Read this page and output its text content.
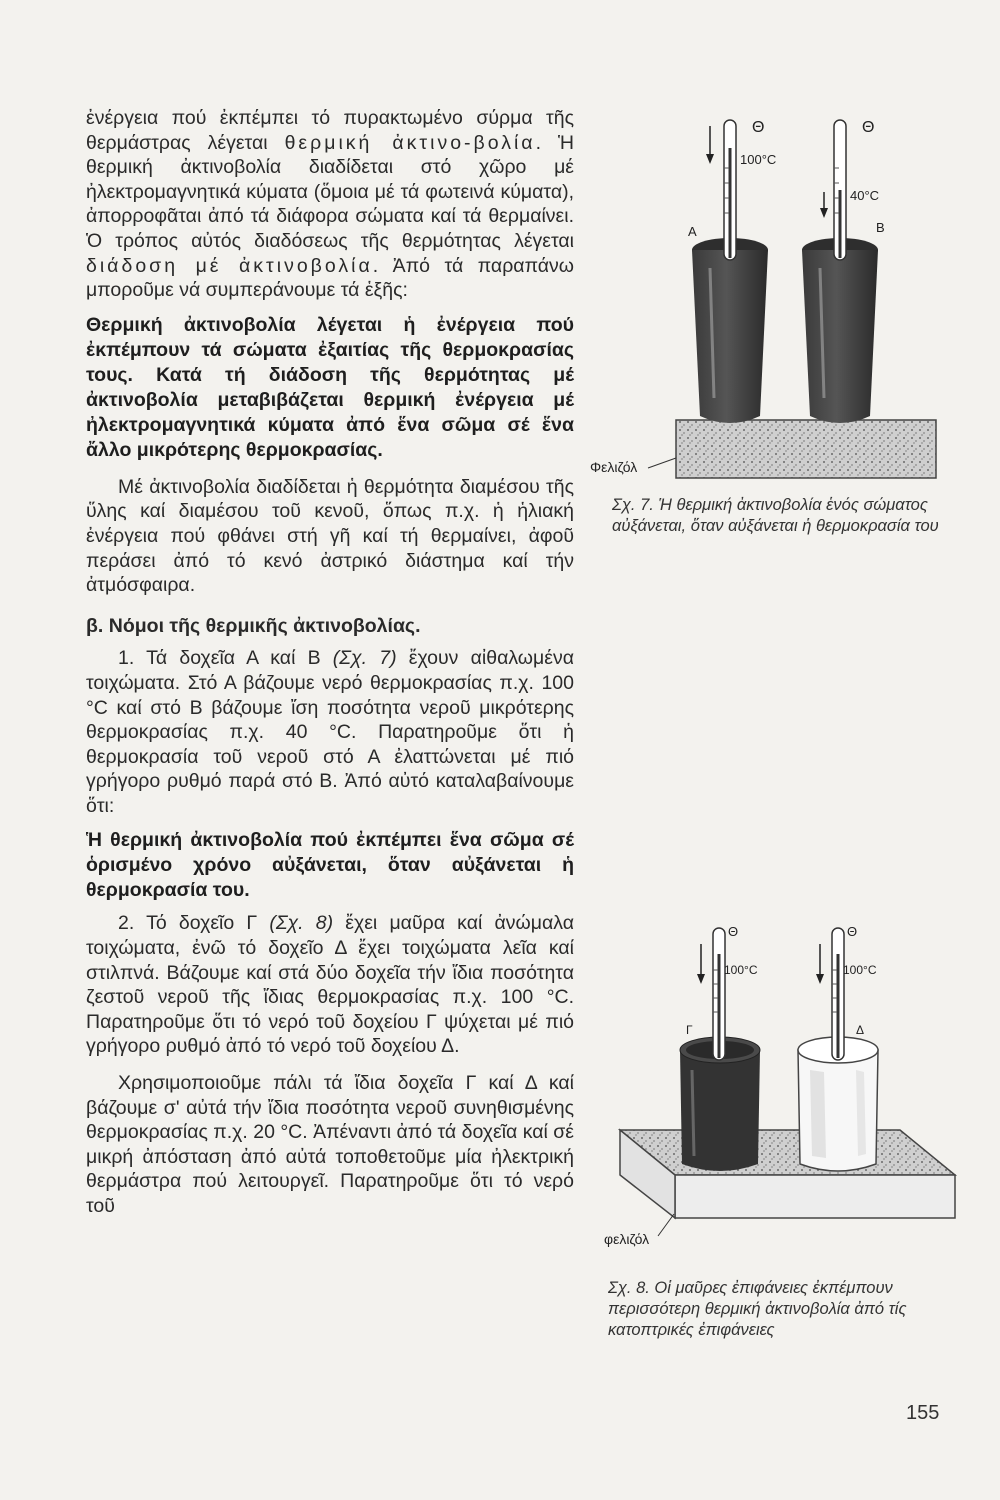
ἐνέργεια πού ἐκπέμπει τό πυρακτωμένο σύρμα τῆς θερμάστρας λέγεται θερμική ἀκτινο-βολία. Ἡ θερμική ἀκτινοβολία διαδίδεται στό χῶρο μέ ἠλεκτρομαγνητικά κύματα (ὅμοια μέ τά φωτεινά κύματα), ἀπορροφᾶται ἀπό τά διάφορα σώματα καί τά θερμαίνει. Ὁ τρόπος αὐτός διαδόσεως τῆς θερμότητας λέγεται διάδοση μέ ἀκτινοβολία. Ἀπό τά παραπάνω μποροῦμε νά συμπεράνουμε τά ἑξῆς:

Θερμική ἀκτινοβολία λέγεται ἡ ἐνέργεια πού ἐκπέμπουν τά σώματα ἐξαιτίας τῆς θερμοκρασίας τους. Κατά τή διάδοση τῆς θερμότητας μέ ἀκτινοβολία μεταβιβάζεται θερμική ἐνέργεια μέ ἠλεκτρομαγνητικά κύματα ἀπό ἕνα σῶμα σέ ἕνα ἄλλο μικρότερης θερμοκρασίας.

Μέ ἀκτινοβολία διαδίδεται ἡ θερμότητα διαμέσου τῆς ὕλης καί διαμέσου τοῦ κενοῦ, ὅπως π.χ. ἡ ἡλιακή ἐνέργεια πού φθάνει στή γῆ καί τή θερμαίνει, ἀφοῦ περάσει ἀπό τό κενό ἀστρικό διάστημα καί τήν ἀτμόσφαιρα.

β. Νόμοι τῆς θερμικῆς ἀκτινοβολίας.

1. Τά δοχεῖα Α καί Β (Σχ. 7) ἔχουν αἰθαλωμένα τοιχώματα. Στό Α βάζουμε νερό θερμοκρασίας π.χ. 100 °C καί στό Β βάζουμε ἴση ποσότητα νεροῦ μικρότερης θερμοκρασίας π.χ. 40 °C. Παρατηροῦμε ὅτι ἡ θερμοκρασία τοῦ νεροῦ στό Α ἐλαττώνεται μέ πιό γρήγορο ρυθμό παρά στό Β. Ἀπό αὐτό καταλαβαίνουμε ὅτι:

Ἡ θερμική ἀκτινοβολία πού ἐκπέμπει ἕνα σῶμα σέ ὁρισμένο χρόνο αὐξάνεται, ὅταν αὐξάνεται ἡ θερμοκρασία του.

2. Τό δοχεῖο Γ (Σχ. 8) ἔχει μαῦρα καί ἀνώμαλα τοιχώματα, ἐνῶ τό δοχεῖο Δ ἔχει τοιχώματα λεῖα καί στιλπνά. Βάζουμε καί στά δύο δοχεῖα τήν ἴδια ποσότητα ζεστοῦ νεροῦ τῆς ἴδιας θερμοκρασίας π.χ. 100 °C. Παρατηροῦμε ὅτι τό νερό τοῦ δοχείου Γ ψύχεται μέ πιό γρήγορο ρυθμό ἀπό τό νερό τοῦ δοχείου Δ.

Χρησιμοποιοῦμε πάλι τά ἴδια δοχεῖα Γ καί Δ καί βάζουμε σ' αὐτά τήν ἴδια ποσότητα νεροῦ συνηθισμένης θερμοκρασίας π.χ. 20 °C. Ἀπέναντι ἀπό τά δοχεῖα καί σέ μικρή ἀπόσταση ἀπό αὐτά τοποθετοῦμε μία ἠλεκτρική θερμάστρα πού λειτουργεῖ. Παρατηροῦμε ὅτι τό νερό τοῦ

Θ	Θ
100°C
40°C
Α	Β
Φελιζόλ
Σχ. 7. Ἡ θερμική ἀκτινοβολία ἑνός σώματος αὐξάνεται, ὅταν αὐξάνεται ἡ θερμοκρασία του
Θ	Θ
100°C	100°C
Γ	Δ
φελιζόλ
Σχ. 8. Οἱ μαῦρες ἐπιφάνειες ἐκπέμπουν περισσότερη θερμική ἀκτινοβολία ἀπό τίς κατοπτρικές ἐπιφάνειες
155
